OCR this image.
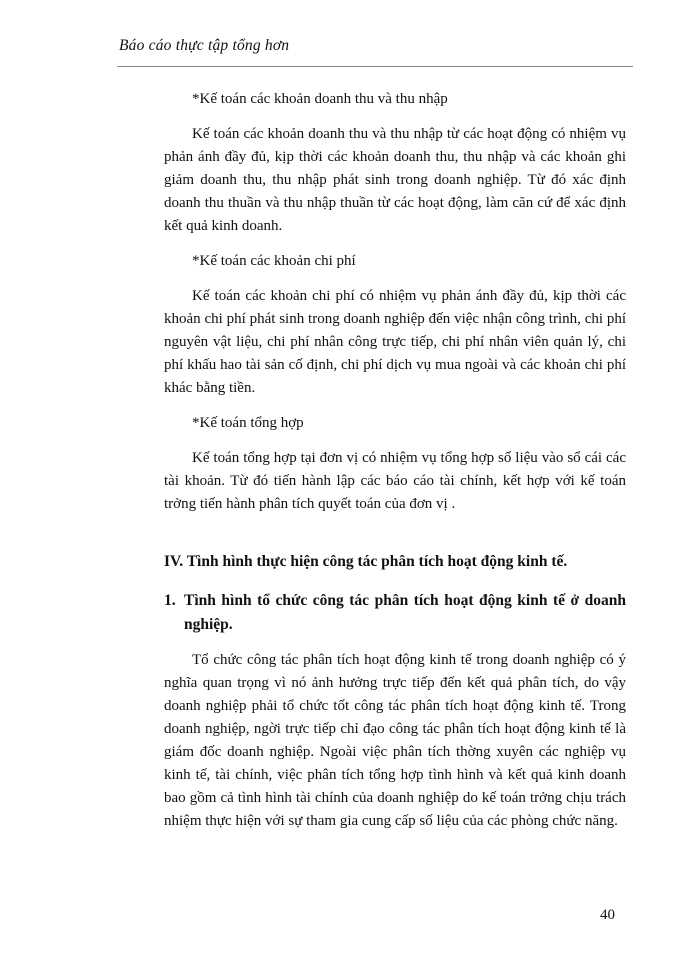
Báo cáo thực tập tổng hơn

*Kế toán các khoản doanh thu và thu nhập

Kế toán các khoản doanh thu và thu nhập từ các hoạt động có nhiệm vụ phản ánh đầy đủ, kịp thời các khoản doanh thu, thu nhập và các khoản ghi giảm doanh thu, thu nhập phát sinh trong doanh nghiệp. Từ đó xác định doanh thu thuần và thu nhập thuần từ các hoạt động, làm căn cứ để xác định kết quả kinh doanh.

*Kế toán các khoản chi phí

Kế toán các khoản chi phí có nhiệm vụ phản ánh đầy đủ, kịp thời các khoản chi phí phát sinh trong doanh nghiệp đến việc nhận công trình, chi phí nguyên vật liệu, chi phí nhân công trực tiếp, chi phí nhân viên quản lý, chi phí khấu hao tài sản cố định, chi phí dịch vụ mua ngoài và các khoản chi phí khác bằng tiền.

*Kế toán tổng hợp

Kế toán tổng hợp tại đơn vị có nhiệm vụ tổng hợp số liệu vào sổ cái các tài khoản. Từ đó tiến hành lập các báo cáo tài chính, kết hợp với kế toán trởng tiến hành phân tích quyết toán của đơn vị .

IV. Tình hình thực hiện công tác phân tích hoạt động kinh tế.

1. Tình hình tổ chức công tác phân tích hoạt động kinh tế ở doanh nghiệp.

Tổ chức công tác phân tích hoạt động kinh tế trong doanh nghiệp có ý nghĩa quan trọng vì nó ảnh hưởng trực tiếp đến kết quả phân tích, do vậy doanh nghiệp phải tổ chức tốt công tác phân tích hoạt động kinh tế. Trong doanh nghiệp, ngời trực tiếp chỉ đạo công tác phân tích hoạt động kinh tế là giám đốc doanh nghiệp. Ngoài việc phân tích thờng xuyên các nghiệp vụ kinh tế, tài chính, việc phân tích tổng hợp tình hình và kết quả kinh doanh bao gồm cả tình hình tài chính của doanh nghiệp do kế toán trởng chịu trách nhiệm thực hiện với sự tham gia cung cấp số liệu của các phòng chức năng.

40
